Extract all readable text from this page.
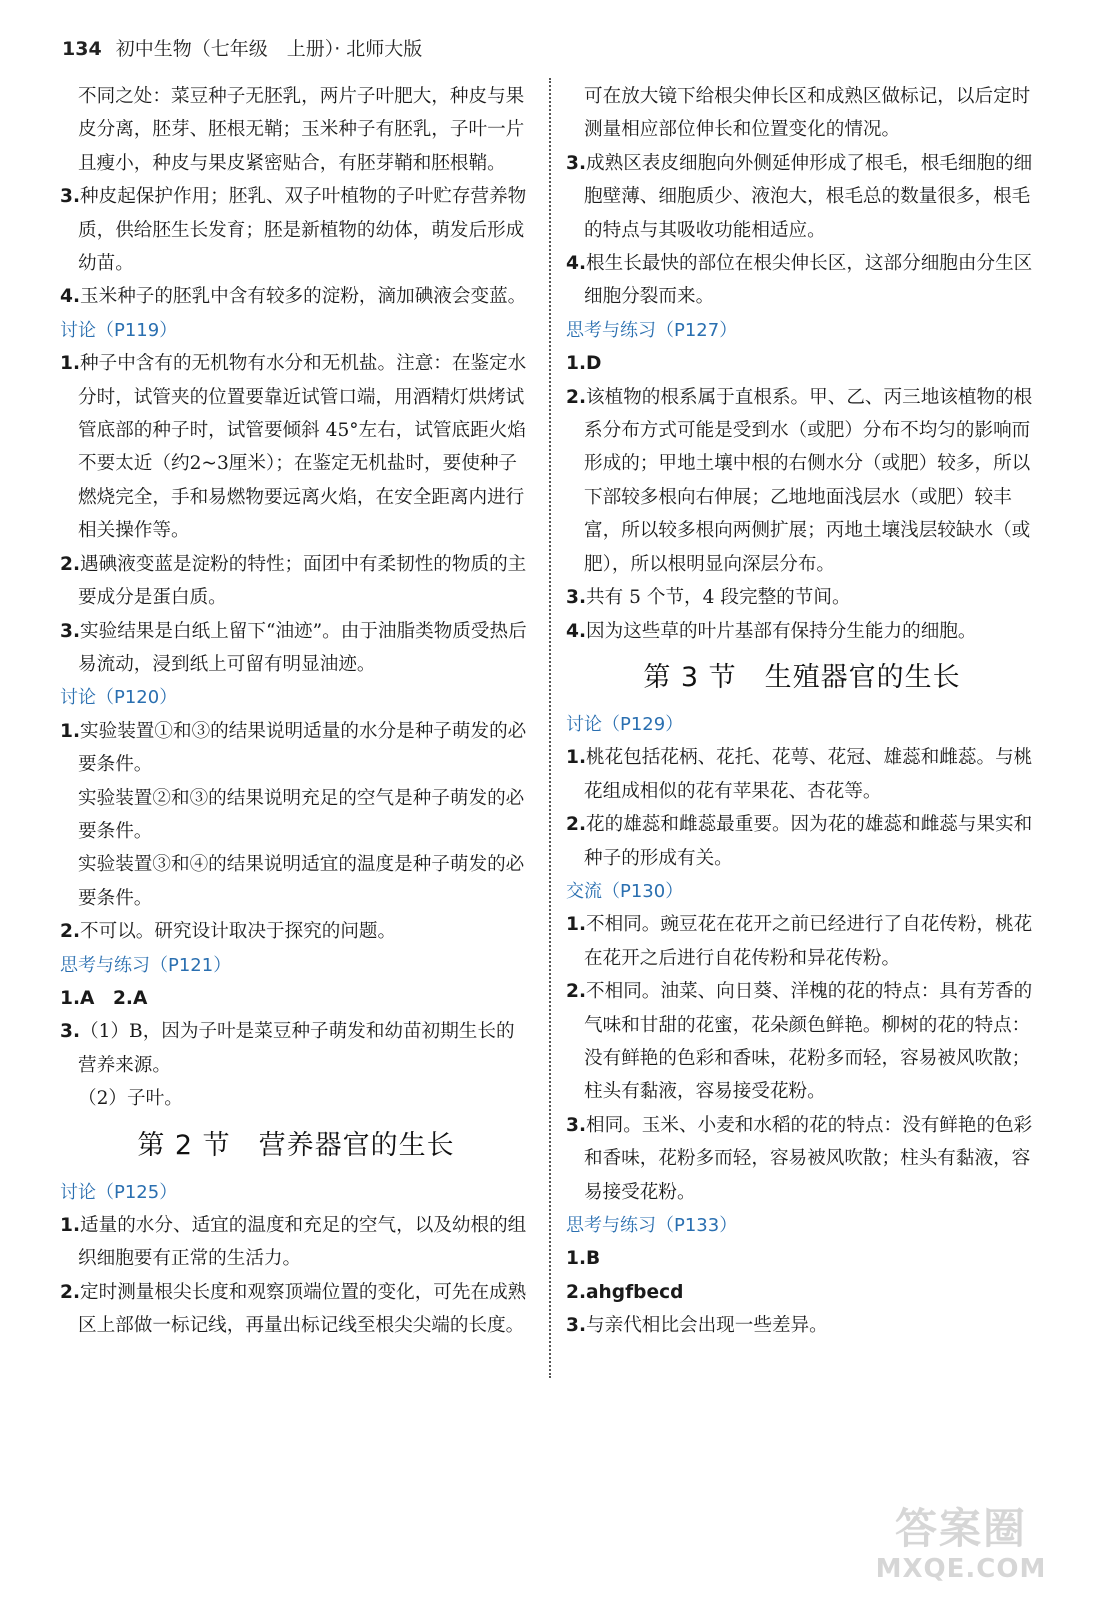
134 初中生物（七年级　上册）· 北师大版
不同之处：菜豆种子无胚乳，两片子叶肥大，种皮与果皮分离，胚芽、胚根无鞘；玉米种子有胚乳，子叶一片且瘦小，种皮与果皮紧密贴合，有胚芽鞘和胚根鞘。
3.种皮起保护作用；胚乳、双子叶植物的子叶贮存营养物质，供给胚生长发育；胚是新植物的幼体，萌发后形成幼苗。
4.玉米种子的胚乳中含有较多的淀粉，滴加碘液会变蓝。
讨论（P119）
1.种子中含有的无机物有水分和无机盐。注意：在鉴定水分时，试管夹的位置要靠近试管口端，用酒精灯烘烤试管底部的种子时，试管要倾斜 45°左右，试管底距火焰不要太近（约2~3厘米）；在鉴定无机盐时，要使种子燃烧完全，手和易燃物要远离火焰，在安全距离内进行相关操作等。
2.遇碘液变蓝是淀粉的特性；面团中有柔韧性的物质的主要成分是蛋白质。
3.实验结果是白纸上留下“油迹”。由于油脂类物质受热后易流动，浸到纸上可留有明显油迹。
讨论（P120）
1.实验装置①和③的结果说明适量的水分是种子萌发的必要条件。
实验装置②和③的结果说明充足的空气是种子萌发的必要条件。
实验装置③和④的结果说明适宜的温度是种子萌发的必要条件。
2.不可以。研究设计取决于探究的问题。
思考与练习（P121）
1.A　2.A
3.（1）B，因为子叶是菜豆种子萌发和幼苗初期生长的营养来源。
（2）子叶。
第 2 节　营养器官的生长
讨论（P125）
1.适量的水分、适宜的温度和充足的空气，以及幼根的组织细胞要有正常的生活力。
2.定时测量根尖长度和观察顶端位置的变化，可先在成熟区上部做一标记线，再量出标记线至根尖尖端的长度。
可在放大镜下给根尖伸长区和成熟区做标记，以后定时测量相应部位伸长和位置变化的情况。
3.成熟区表皮细胞向外侧延伸形成了根毛，根毛细胞的细胞壁薄、细胞质少、液泡大，根毛总的数量很多，根毛的特点与其吸收功能相适应。
4.根生长最快的部位在根尖伸长区，这部分细胞由分生区细胞分裂而来。
思考与练习（P127）
1.D
2.该植物的根系属于直根系。甲、乙、丙三地该植物的根系分布方式可能是受到水（或肥）分布不均匀的影响而形成的；甲地土壤中根的右侧水分（或肥）较多，所以下部较多根向右伸展；乙地地面浅层水（或肥）较丰富，所以较多根向两侧扩展；丙地土壤浅层较缺水（或肥），所以根明显向深层分布。
3.共有 5 个节，4 段完整的节间。
4.因为这些草的叶片基部有保持分生能力的细胞。
第 3 节　生殖器官的生长
讨论（P129）
1.桃花包括花柄、花托、花萼、花冠、雄蕊和雌蕊。与桃花组成相似的花有苹果花、杏花等。
2.花的雄蕊和雌蕊最重要。因为花的雄蕊和雌蕊与果实和种子的形成有关。
交流（P130）
1.不相同。豌豆花在花开之前已经进行了自花传粉，桃花在花开之后进行自花传粉和异花传粉。
2.不相同。油菜、向日葵、洋槐的花的特点：具有芳香的气味和甘甜的花蜜，花朵颜色鲜艳。柳树的花的特点：没有鲜艳的色彩和香味，花粉多而轻，容易被风吹散；柱头有黏液，容易接受花粉。
3.相同。玉米、小麦和水稻的花的特点：没有鲜艳的色彩和香味，花粉多而轻，容易被风吹散；柱头有黏液，容易接受花粉。
思考与练习（P133）
1.B
2.ahgfbecd
3.与亲代相比会出现一些差异。
答案圈
MXQE.COM
